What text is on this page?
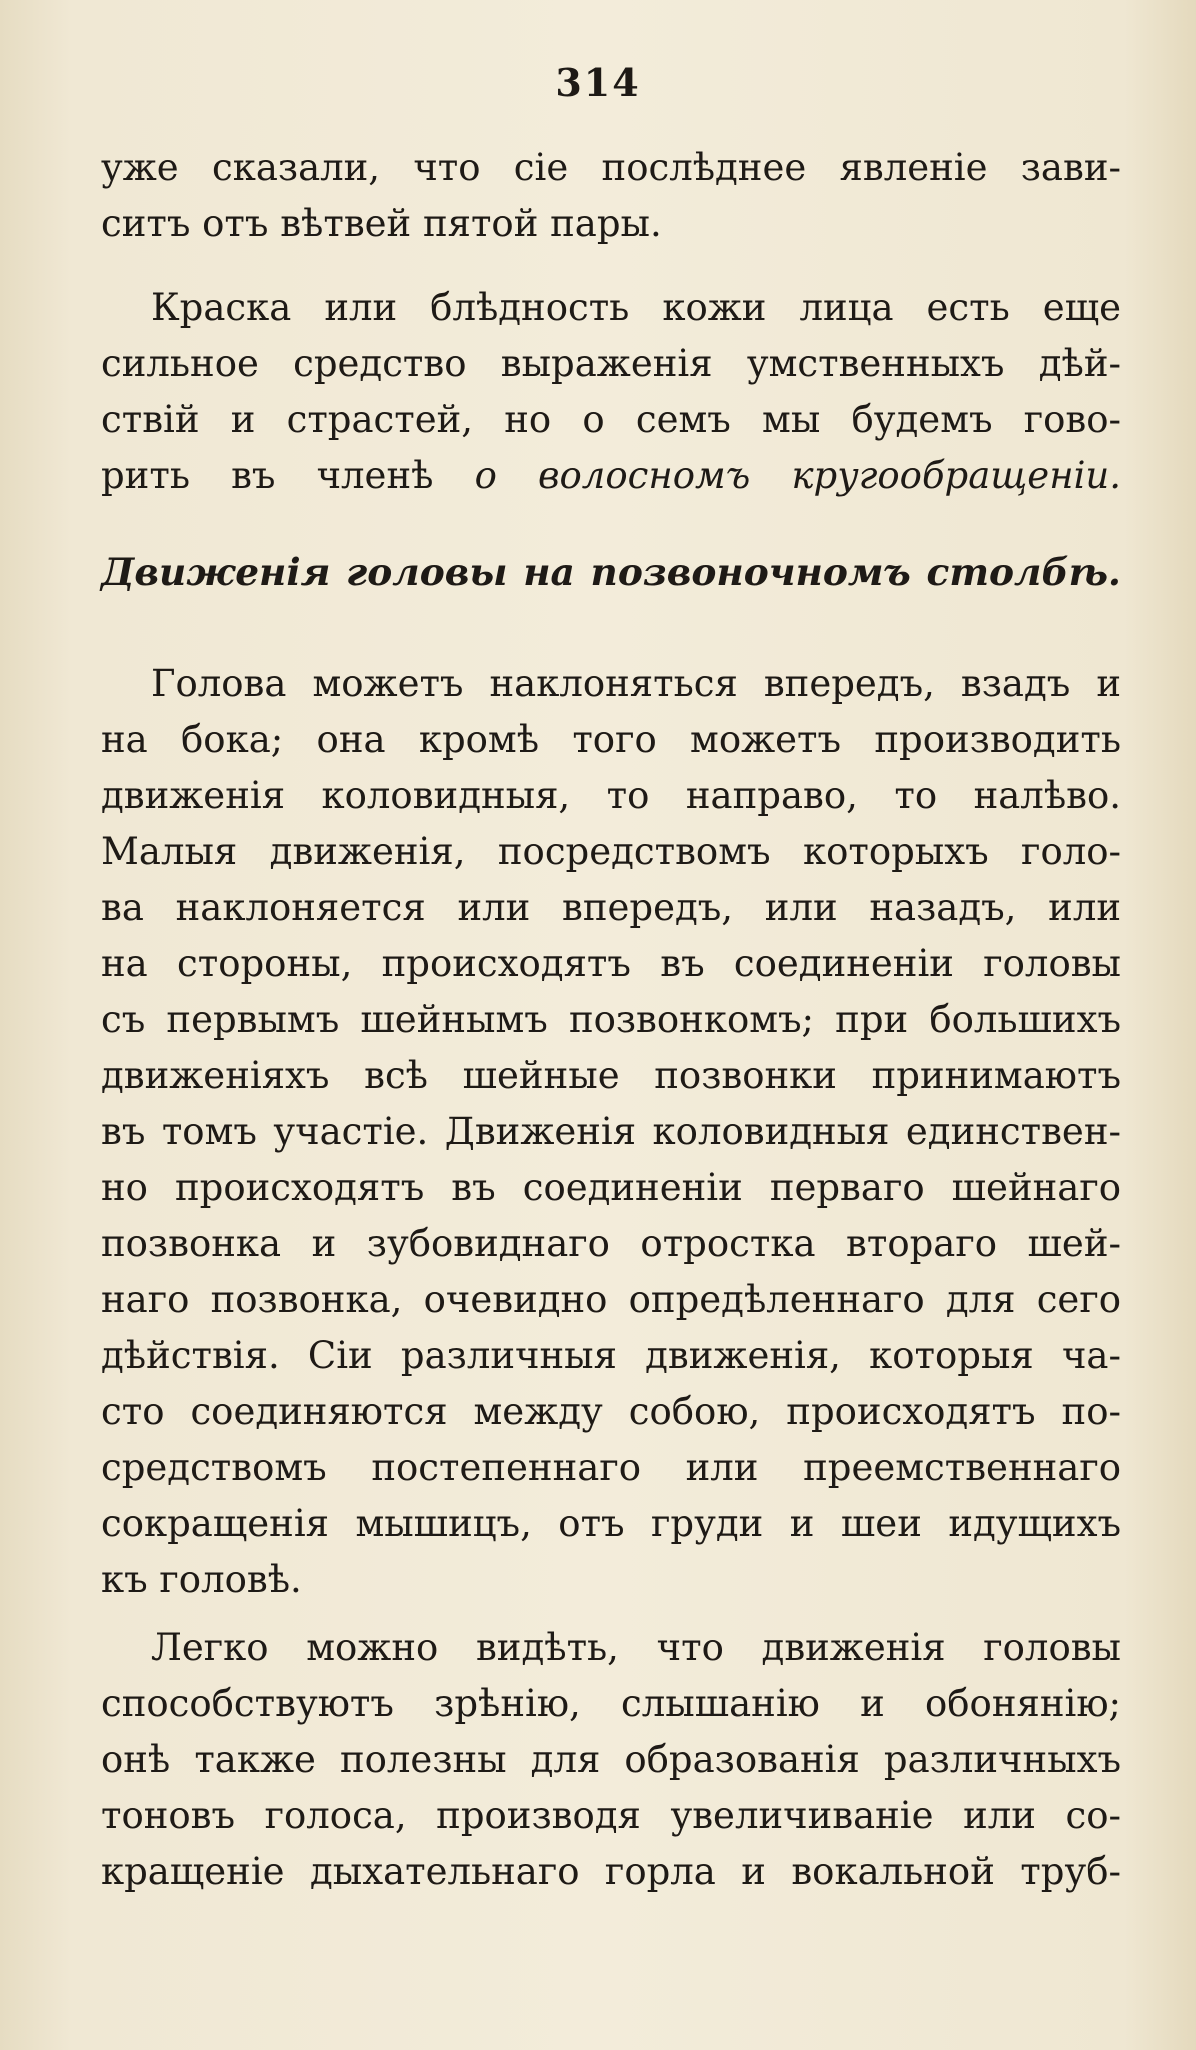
314
уже сказали, что сіе послѣднее явленіе зави-
ситъ отъ вѣтвей пятой пары.
Краска или блѣдность кожи лица есть еще
сильное средство выраженія умственныхъ дѣй-
ствій и страстей, но о семъ мы будемъ гово-
рить въ членѣ о волосномъ кругообращеніи.
Движенія головы на позвоночномъ столбѣ.
Голова можетъ наклоняться впередъ, взадъ и
на бока; она кромѣ того можетъ производить
движенія коловидныя, то направо, то налѣво.
Малыя движенія, посредствомъ которыхъ голо-
ва наклоняется или впередъ, или назадъ, или
на стороны, происходятъ въ соединеніи головы
съ первымъ шейнымъ позвонкомъ; при большихъ
движеніяхъ всѣ шейные позвонки принимаютъ
въ томъ участіе. Движенія коловидныя единствен-
но происходятъ въ соединеніи перваго шейнаго
позвонка и зубовиднаго отростка втораго шей-
наго позвонка, очевидно опредѣленнаго для сего
дѣйствія. Сіи различныя движенія, которыя ча-
сто соединяются между собою, происходятъ по-
средствомъ постепеннаго или преемственнаго
сокращенія мышицъ, отъ груди и шеи идущихъ
къ головѣ.
Легко можно видѣть, что движенія головы
способствуютъ зрѣнію, слышанію и обонянію;
онѣ также полезны для образованія различныхъ
тоновъ голоса, производя увеличиваніе или со-
кращеніе дыхательнаго горла и вокальной труб-
